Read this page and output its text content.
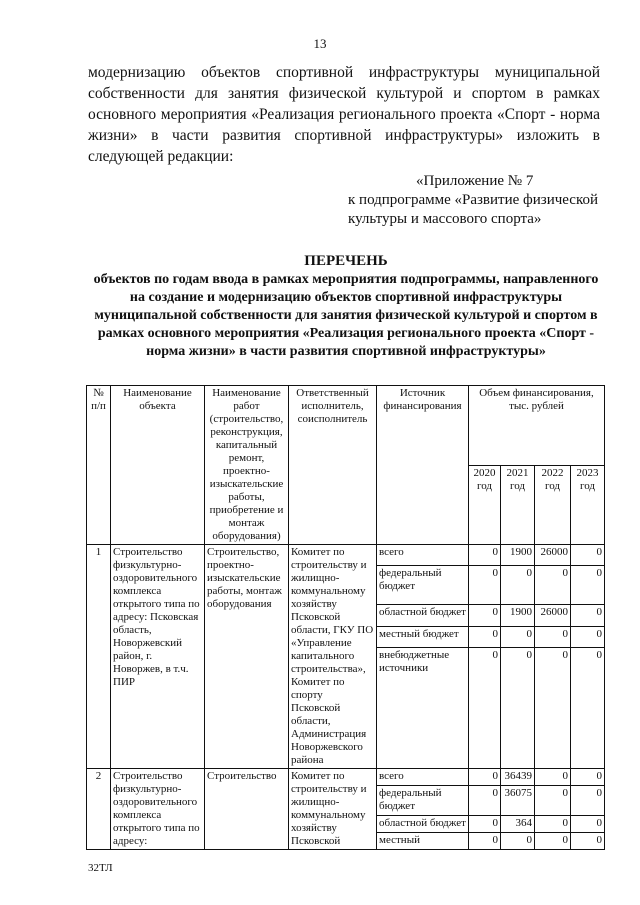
13

модернизацию объектов спортивной инфраструктуры муниципальной собственности для занятия физической культурой и спортом в рамках основного мероприятия «Реализация регионального проекта «Спорт - норма жизни» в части развития спортивной инфраструктуры» изложить в следующей редакции:

«Приложение № 7
к подпрограмме «Развитие физической культуры и массового спорта»
ПЕРЕЧЕНЬ
объектов по годам ввода в рамках мероприятия подпрограммы, направленного на создание и модернизацию объектов спортивной инфраструктуры муниципальной собственности для занятия физической культурой и спортом в рамках основного мероприятия «Реализация регионального проекта «Спорт - норма жизни» в части развития спортивной инфраструктуры»
№ п/п	Наименование объекта	Наименование работ (строительство, реконструкция, капитальный ремонт, проектно-изыскательские работы, приобретение и монтаж оборудования)	Ответственный исполнитель, соисполнитель	Источник финансирования	Объем финансирования, тыс. рублей			
					2020 год	2021 год	2022 год	2023 год
1	Строительство физкультурно-оздоровительного комплекса открытого типа по адресу: Псковская область, Новоржевский район, г. Новоржев, в т.ч. ПИР	Строительство, проектно-изыскательские работы, монтаж оборудования	Комитет по строительству и жилищно-коммунальному хозяйству Псковской области, ГКУ ПО «Управление капитального строительства», Комитет по спорту Псковской области, Администрация Новоржевского района	всего	0	1900	26000	0
				федеральный бюджет	0	0	0	0
				областной бюджет	0	1900	26000	0
				местный бюджет	0	0	0	0
				внебюджетные источники	0	0	0	0
2	Строительство физкультурно-оздоровительного комплекса открытого типа по адресу:	Строительство	Комитет по строительству и жилищно-коммунальному хозяйству Псковской	всего	0	36439	0	0
				федеральный бюджет	0	36075	0	0
				областной бюджет	0	364	0	0
				местный	0	0	0	0
32ТЛ
